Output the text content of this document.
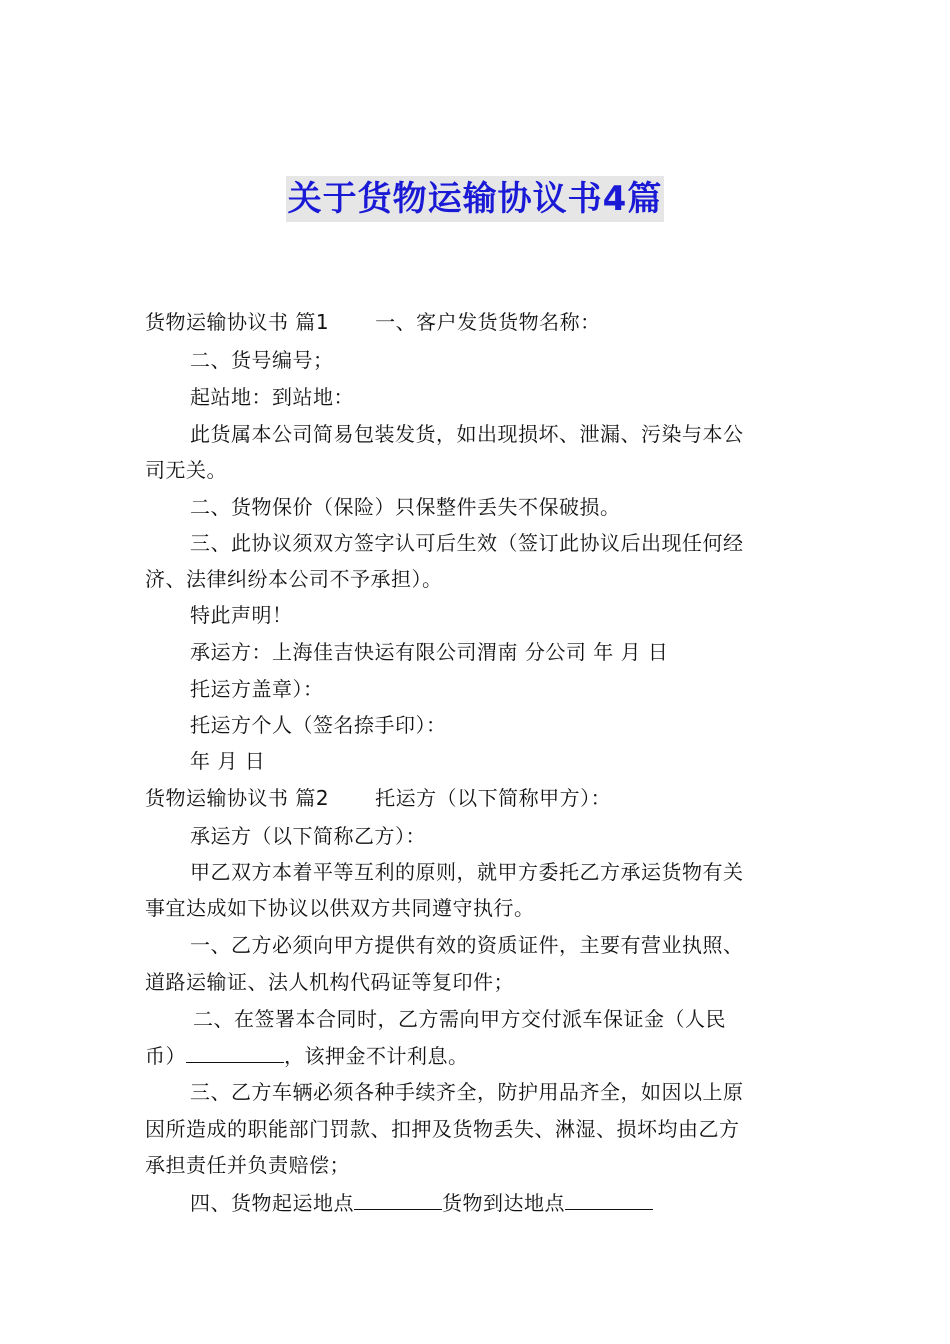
关于货物运输协议书4篇
货物运输协议书 篇1 一、客户发货货物名称：
二、货号编号；
起站地：到站地：
此货属本公司简易包装发货，如出现损坏、泄漏、污染与本公
司无关。
二、货物保价（保险）只保整件丢失不保破损。
三、此协议须双方签字认可后生效（签订此协议后出现任何经
济、法律纠纷本公司不予承担）。
特此声明！
承运方：上海佳吉快运有限公司渭南 分公司 年 月 日
托运方盖章）：
托运方个人（签名捺手印）：
年 月 日
货物运输协议书 篇2 托运方（以下简称甲方）：
承运方（以下简称乙方）：
甲乙双方本着平等互利的原则，就甲方委托乙方承运货物有关
事宜达成如下协议以供双方共同遵守执行。
一、乙方必须向甲方提供有效的资质证件，主要有营业执照、
道路运输证、法人机构代码证等复印件；
二、在签署本合同时，乙方需向甲方交付派车保证金（人民
币）	，该押金不计利息。
三、乙方车辆必须各种手续齐全，防护用品齐全，如因以上原
因所造成的职能部门罚款、扣押及货物丢失、淋湿、损坏均由乙方
承担责任并负责赔偿；
四、货物起运地点	货物到达地点
